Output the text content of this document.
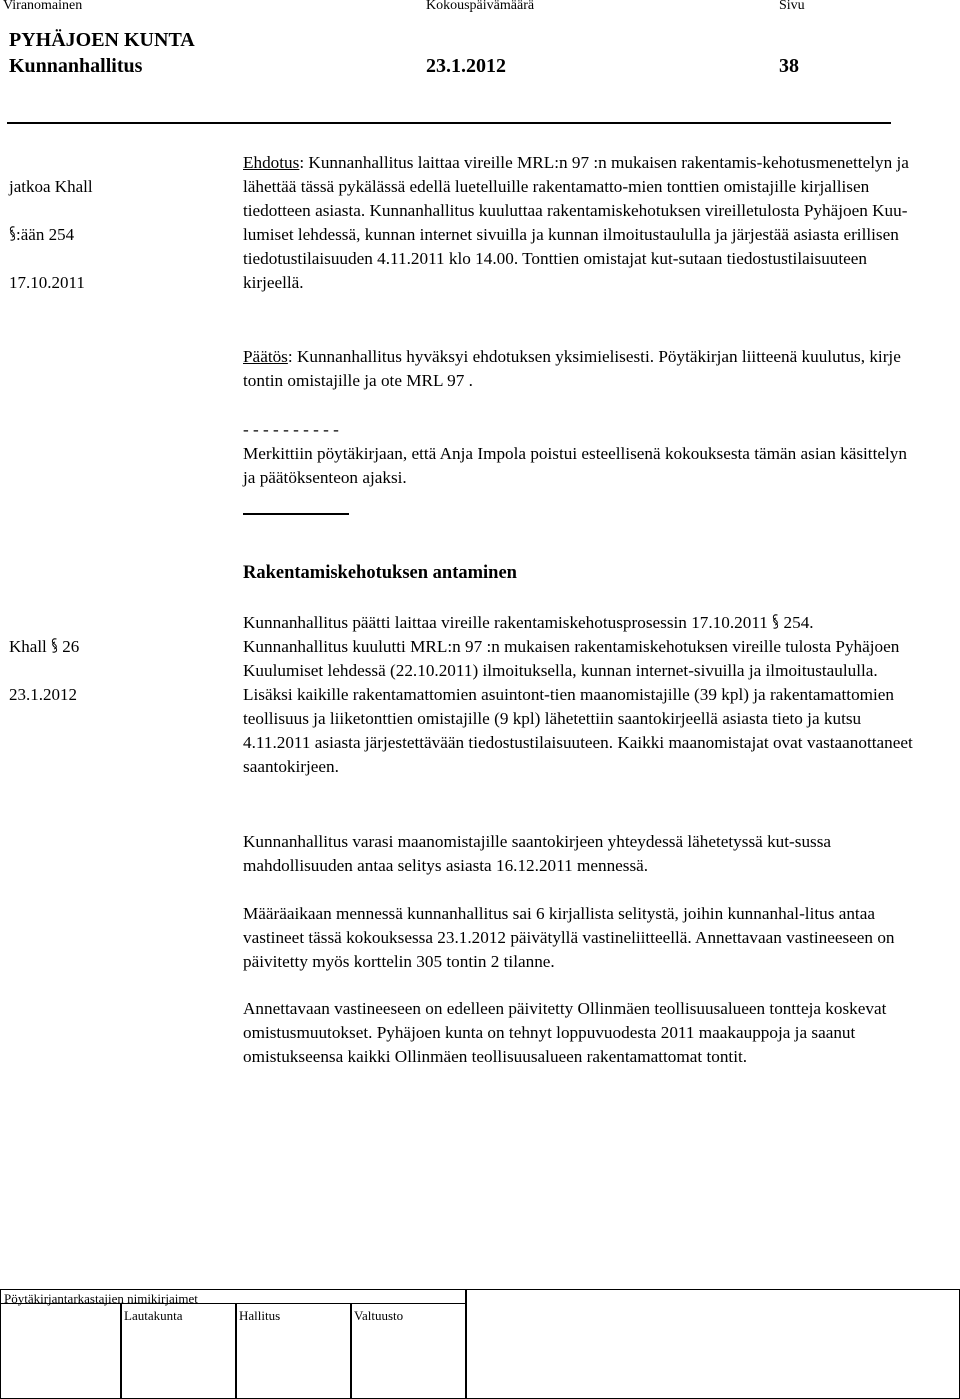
Viranomainen	Kokouspäivämäärä	Sivu
PYHÄJOEN KUNTA
Kunnanhallitus	23.1.2012	38

jatkoa Khall

:ään 254

17.10.2011

Ehdotus: Kunnanhallitus laittaa vireille MRL:n 97 :n mukaisen rakentamis-kehotusmenettelyn ja lähettää tässä pykälässä edellä luetelluille rakentamatto-mien tonttien omistajille kirjallisen tiedotteen asiasta. Kunnanhallitus kuuluttaa rakentamiskehotuksen vireilletulosta Pyhäjoen Kuu-lumiset lehdessä, kunnan internet sivuilla ja kunnan ilmoitustaululla ja järjestää asiasta erillisen tiedotustilaisuuden 4.11.2011 klo 14.00. Tonttien omistajat kut-sutaan tiedostustilaisuuteen kirjeellä.
Päätös: Kunnanhallitus hyväksyi ehdotuksen yksimielisesti. Pöytäkirjan liitteenä kuulutus, kirje tontin omistajille ja ote MRL 97 .
- - - - - - - - - -
Merkittiin pöytäkirjaan, että Anja Impola poistui esteellisenä kokouksesta tämän asian käsittelyn ja päätöksenteon ajaksi.
Rakentamiskehotuksen antaminen

Khall 26

23.1.2012

Kunnanhallitus päätti laittaa vireille rakentamiskehotusprosessin 17.10.2011 254. Kunnanhallitus kuulutti MRL:n 97 :n mukaisen rakentamiskehotuksen vireille tulosta Pyhäjoen Kuulumiset lehdessä (22.10.2011) ilmoituksella, kunnan internet-sivuilla ja ilmoitustaululla. Lisäksi kaikille rakentamattomien asuintont-tien maanomistajille (39 kpl) ja rakentamattomien teollisuus ja liiketonttien omistajille (9 kpl) lähetettiin saantokirjeellä asiasta tieto ja kutsu 4.11.2011 asiasta järjestettävään tiedostustilaisuuteen. Kaikki maanomistajat ovat vastaanottaneet saantokirjeen.
Kunnanhallitus varasi maanomistajille saantokirjeen yhteydessä lähetetyssä kut-sussa mahdollisuuden antaa selitys asiasta 16.12.2011 mennessä.
Määräaikaan mennessä kunnanhallitus sai 6 kirjallista selitystä, joihin kunnanhal-litus antaa vastineet tässä kokouksessa 23.1.2012 päivätyllä vastineliitteellä. Annettavaan vastineeseen on päivitetty myös korttelin 305 tontin 2 tilanne.
Annettavaan vastineeseen on edelleen päivitetty Ollinmäen teollisuusalueen tontteja koskevat omistusmuutokset. Pyhäjoen kunta on tehnyt loppuvuodesta 2011 maakauppoja ja saanut omistukseensa kaikki Ollinmäen teollisuusalueen rakentamattomat tontit.
Pöytäkirjantarkastajien nimikirjaimet
Lautakunta	Hallitus	Valtuusto
